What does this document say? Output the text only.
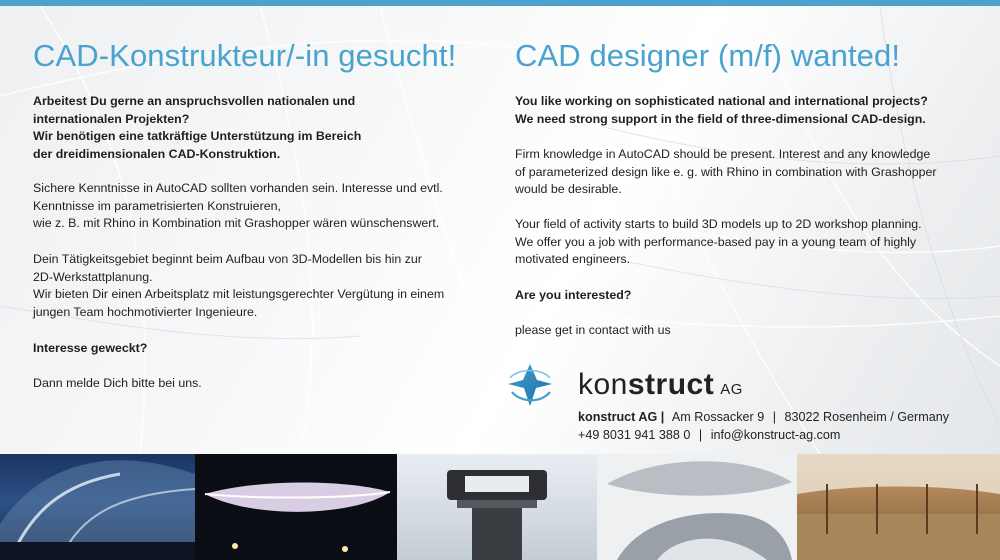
CAD-Konstrukteur/-in gesucht!

Arbeitest Du gerne an anspruchsvollen nationalen und
internationalen Projekten?
Wir benötigen eine tatkräftige Unterstützung im Bereich
der dreidimensionalen CAD-Konstruktion.

Sichere Kenntnisse in AutoCAD sollten vorhanden sein. Interesse und evtl.
Kenntnisse im parametrisierten Konstruieren,
wie z. B. mit Rhino in Kombination mit Grashopper wären wünschenswert.

Dein Tätigkeitsgebiet beginnt beim Aufbau von 3D-Modellen bis hin zur
2D-Werkstattplanung.
Wir bieten Dir einen Arbeitsplatz mit leistungsgerechter Vergütung in einem
jungen Team hochmotivierter Ingenieure.

Interesse geweckt?

Dann melde Dich bitte bei uns.

CAD designer (m/f) wanted!

You like working on sophisticated national and international projects?
We need strong support in the field of three-dimensional CAD-design.

Firm knowledge in AutoCAD should be present. Interest and any knowledge
of parameterized design like e. g. with Rhino in combination with Grashopper
would be desirable.

Your field of activity starts to build 3D models up to 2D workshop planning.
We offer you a job with performance-based pay in a young team of highly
motivated engineers.

Are you interested?

please get in contact with us

konstruct AG
konstruct AG | Am Rossacker 9 | 83022 Rosenheim / Germany
+49 8031 941 388 0 | info@konstruct-ag.com
